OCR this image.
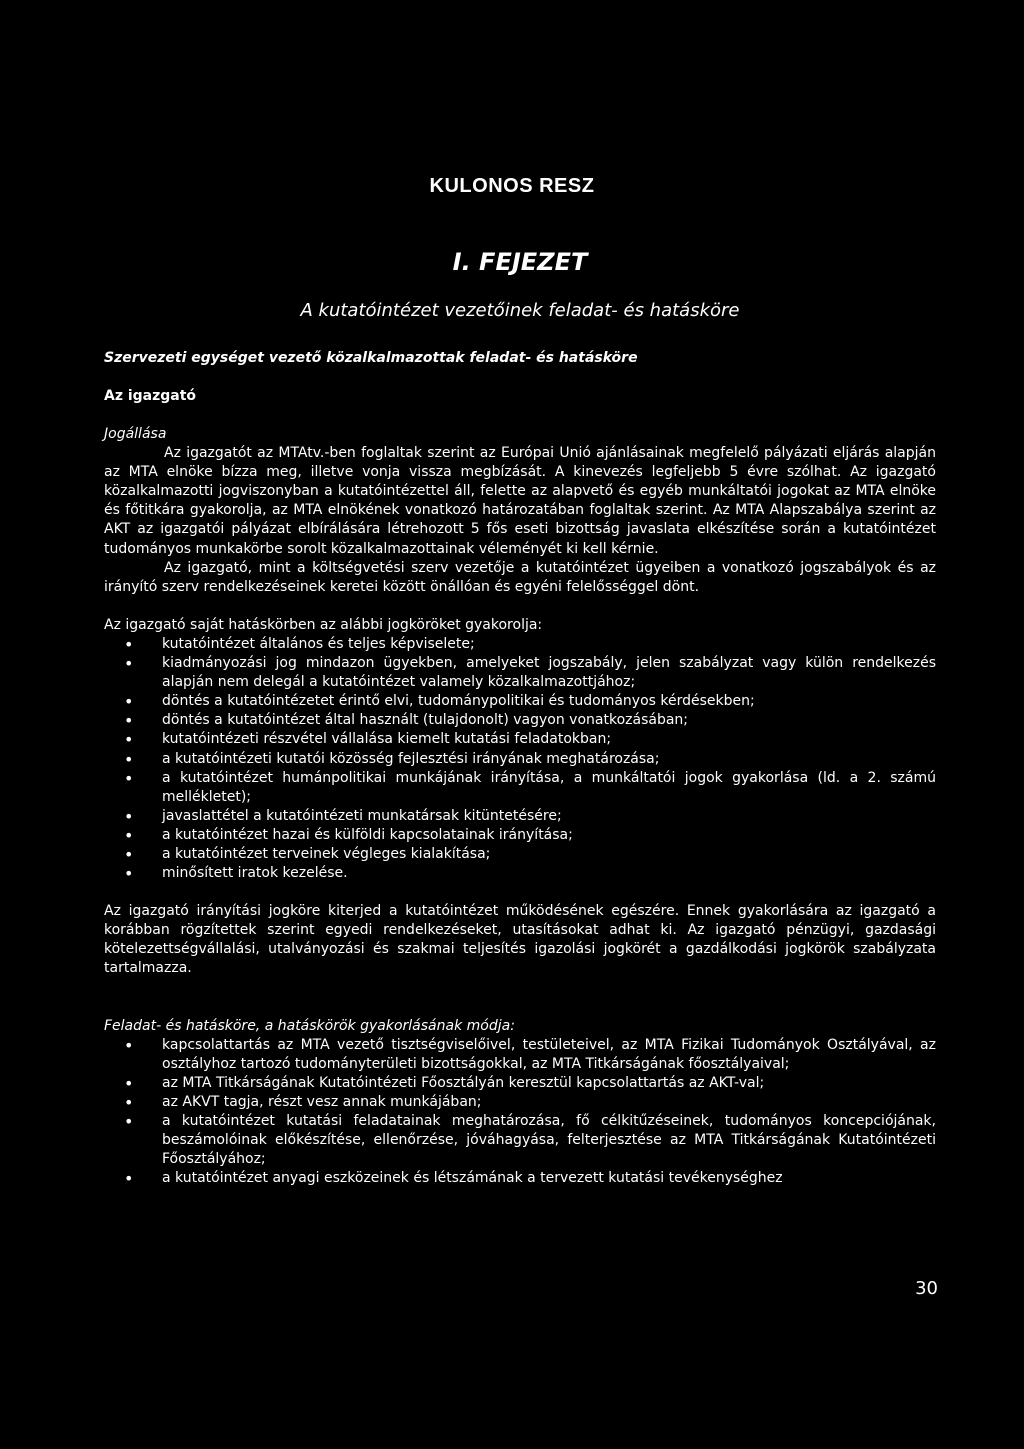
KULONOS RESZ
I. FEJEZET

A kutatóintézet vezetőinek feladat- és hatásköre

Szervezeti egységet vezető közalkalmazottak feladat- és hatásköre
Az igazgató

Jogállása

Az igazgatót az MTAtv.-ben foglaltak szerint az Európai Unió ajánlásainak megfelelő pályázati eljárás alapján az MTA elnöke bízza meg, illetve vonja vissza megbízását. A kinevezés legfeljebb 5 évre szólhat. Az igazgató közalkalmazotti jogviszonyban a kutatóintézettel áll, felette az alapvető és egyéb munkáltatói jogokat az MTA elnöke és főtitkára gyakorolja, az MTA elnökének vonatkozó határozatában foglaltak szerint. Az MTA Alapszabálya szerint az AKT az igazgatói pályázat elbírálására létrehozott 5 fős eseti bizottság javaslata elkészítése során a kutatóintézet tudományos munkakörbe sorolt közalkalmazottainak véleményét ki kell kérnie.

Az igazgató, mint a költségvetési szerv vezetője a kutatóintézet ügyeiben a vonatkozó jogszabályok és az irányító szerv rendelkezéseinek keretei között önállóan és egyéni felelősséggel dönt.

Az igazgató saját hatáskörben az alábbi jogköröket gyakorolja:

• kutatóintézet általános és teljes képviselete;
• kiadmányozási jog mindazon ügyekben, amelyeket jogszabály, jelen szabályzat vagy külön rendelkezés alapján nem delegál a kutatóintézet valamely közalkalmazottjához;
• döntés a kutatóintézetet érintő elvi, tudománypolitikai és tudományos kérdésekben;
• döntés a kutatóintézet által használt (tulajdonolt) vagyon vonatkozásában;
• kutatóintézeti részvétel vállalása kiemelt kutatási feladatokban;
• a kutatóintézeti kutatói közösség fejlesztési irányának meghatározása;
• a kutatóintézet humánpolitikai munkájának irányítása, a munkáltatói jogok gyakorlása (ld. a 2. számú mellékletet);
• javaslattétel a kutatóintézeti munkatársak kitüntetésére;
• a kutatóintézet hazai és külföldi kapcsolatainak irányítása;
• a kutatóintézet terveinek végleges kialakítása;
• minősített iratok kezelése.

Az igazgató irányítási jogköre kiterjed a kutatóintézet működésének egészére. Ennek gyakorlására az igazgató a korábban rögzítettek szerint egyedi rendelkezéseket, utasításokat adhat ki. Az igazgató pénzügyi, gazdasági kötelezettségvállalási, utalványozási és szakmai teljesítés igazolási jogkörét a gazdálkodási jogkörök szabályzata tartalmazza.

Feladat- és hatásköre, a hatáskörök gyakorlásának módja:

• kapcsolattartás az MTA vezető tisztségviselőivel, testületeivel, az MTA Fizikai Tudományok Osztályával, az osztályhoz tartozó tudományterületi bizottságokkal, az MTA Titkárságának főosztályaival;
• az MTA Titkárságának Kutatóintézeti Főosztályán keresztül kapcsolattartás az AKT-val;
• az AKVT tagja, részt vesz annak munkájában;
• a kutatóintézet kutatási feladatainak meghatározása, fő célkitűzéseinek, tudományos koncepciójának, beszámolóinak előkészítése, ellenőrzése, jóváhagyása, felterjesztése az MTA Titkárságának Kutatóintézeti Főosztályához;
• a kutatóintézet anyagi eszközeinek és létszámának a tervezett kutatási tevékenységhez

30
